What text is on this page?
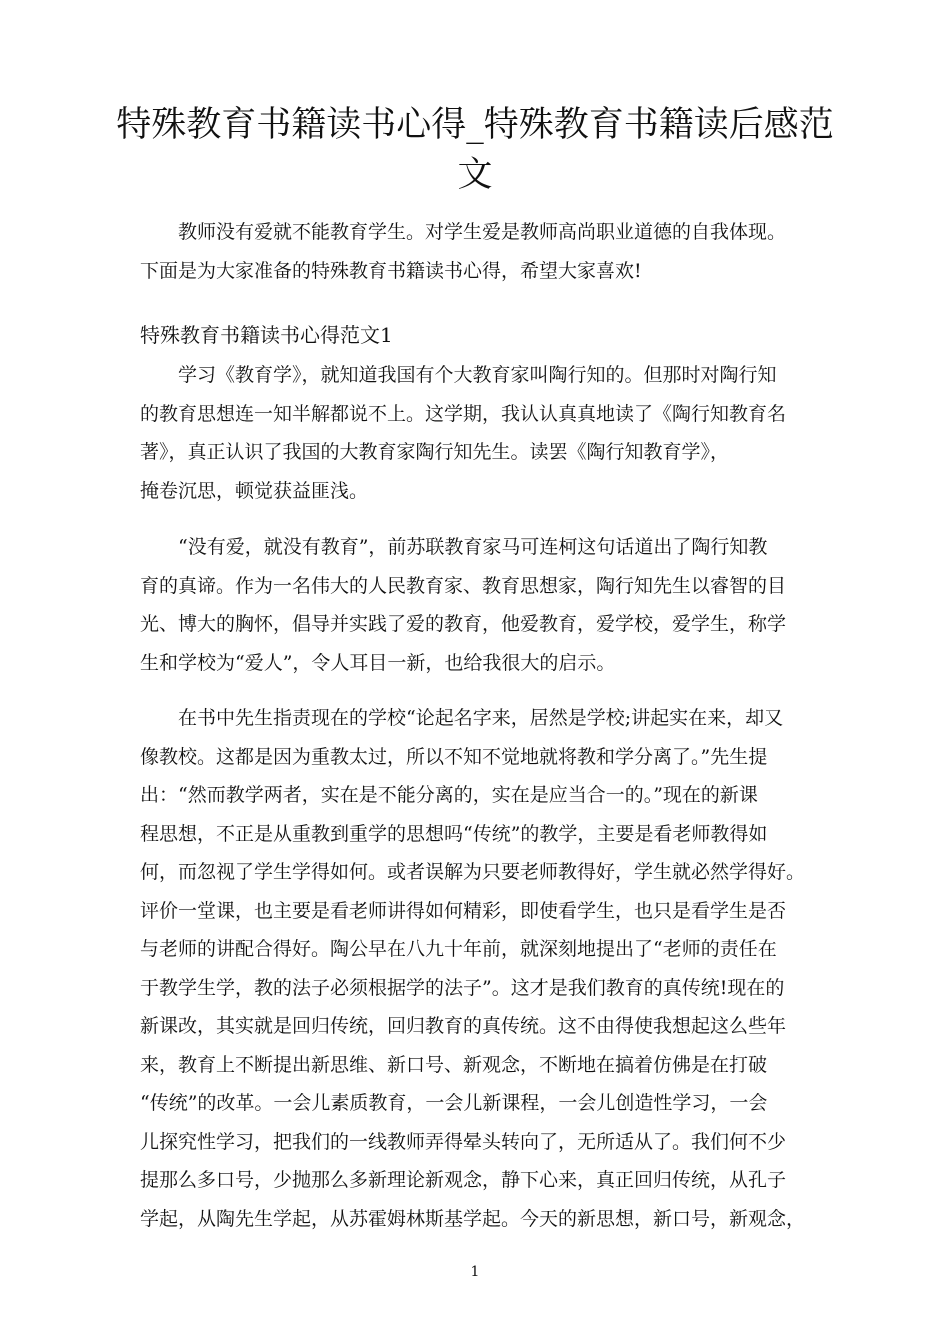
特殊教育书籍读书心得_特殊教育书籍读后感范
文

教师没有爱就不能教育学生。对学生爱是教师高尚职业道德的自我体现。
下面是为大家准备的特殊教育书籍读书心得，希望大家喜欢!

特殊教育书籍读书心得范文1

学习《教育学》，就知道我国有个大教育家叫陶行知的。但那时对陶行知
的教育思想连一知半解都说不上。这学期，我认认真真地读了《陶行知教育名
著》，真正认识了我国的大教育家陶行知先生。读罢《陶行知教育学》，
掩卷沉思，顿觉获益匪浅。

“没有爱，就没有教育”，前苏联教育家马可连柯这句话道出了陶行知教
育的真谛。作为一名伟大的人民教育家、教育思想家，陶行知先生以睿智的目
光、博大的胸怀，倡导并实践了爱的教育，他爱教育，爱学校，爱学生，称学
生和学校为“爱人”，令人耳目一新，也给我很大的启示。

在书中先生指责现在的学校“论起名字来，居然是学校;讲起实在来，却又
像教校。这都是因为重教太过，所以不知不觉地就将教和学分离了。”先生提
出：“然而教学两者，实在是不能分离的，实在是应当合一的。”现在的新课
程思想，不正是从重教到重学的思想吗“传统”的教学，主要是看老师教得如
何，而忽视了学生学得如何。或者误解为只要老师教得好，学生就必然学得好。
评价一堂课，也主要是看老师讲得如何精彩，即使看学生，也只是看学生是否
与老师的讲配合得好。陶公早在八九十年前，就深刻地提出了“老师的责任在
于教学生学，教的法子必须根据学的法子”。这才是我们教育的真传统!现在的
新课改，其实就是回归传统，回归教育的真传统。这不由得使我想起这么些年
来，教育上不断提出新思维、新口号、新观念，不断地在搞着仿佛是在打破
“传统”的改革。一会儿素质教育，一会儿新课程，一会儿创造性学习，一会
儿探究性学习，把我们的一线教师弄得晕头转向了，无所适从了。我们何不少
提那么多口号，少抛那么多新理论新观念，静下心来，真正回归传统，从孔子
学起，从陶先生学起，从苏霍姆林斯基学起。今天的新思想，新口号，新观念，

1
